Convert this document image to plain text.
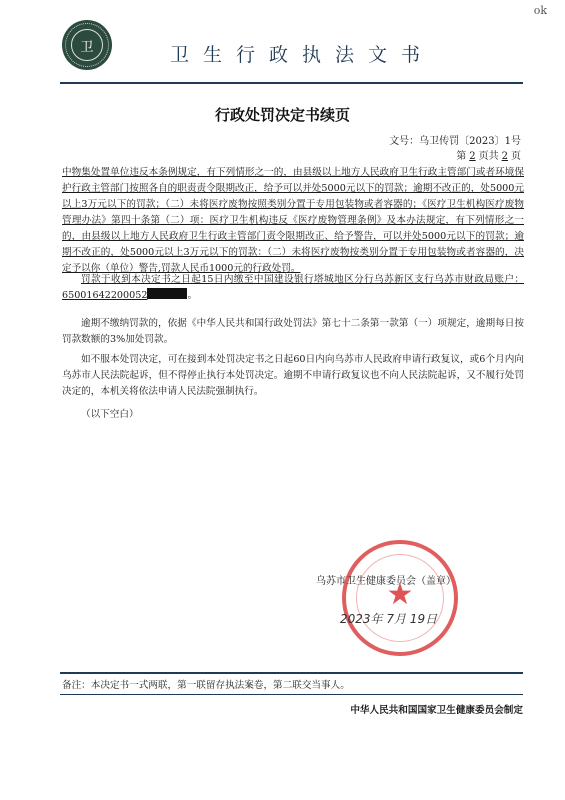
ok
卫	卫生行政执法文书
行政处罚决定书续页
文号：乌卫传罚〔2023〕1号
第 2 页共 2 页
中物集处置单位违反本条例规定，有下列情形之一的，由县级以上地方人民政府卫生行政主管部门或者环境保护行政主管部门按照各自的职责责令限期改正，给予可以并处5000元以下的罚款；逾期不改正的，处5000元以上3万元以下的罚款；（二）未将医疗废物按照类别分置于专用包装物或者容器的；《医疗卫生机构医疗废物管理办法》第四十条第（二）项：医疗卫生机构违反《医疗废物管理条例》及本办法规定，有下列情形之一的，由县级以上地方人民政府卫生行政主管部门责令限期改正、给予警告，可以并处5000元以下的罚款；逾期不改正的，处5000元以上3万元以下的罚款：（二）未将医疗废物按类别分置于专用包装物或者容器的，决定予以你（单位）警告,罚款人民币1000元的行政处罚。
罚款于收到本决定书之日起15日内缴至中国建设银行塔城地区分行乌苏新区支行乌苏市财政局账户：65001642200052	。
逾期不缴纳罚款的，依据《中华人民共和国行政处罚法》第七十二条第一款第（一）项规定，逾期每日按罚款数额的3%加处罚款。
如不服本处罚决定，可在接到本处罚决定书之日起60日内向乌苏市人民政府申请行政复议，或6个月内向乌苏市人民法院起诉，但不得停止执行本处罚决定。逾期不申请行政复议也不向人民法院起诉，又不履行处罚决定的，本机关将依法申请人民法院强制执行。
（以下空白）
★
乌苏市卫生健康委员会（盖章）
2023年 7月 19日
备注：本决定书一式两联，第一联留存执法案卷，第二联交当事人。
中华人民共和国国家卫生健康委员会制定
